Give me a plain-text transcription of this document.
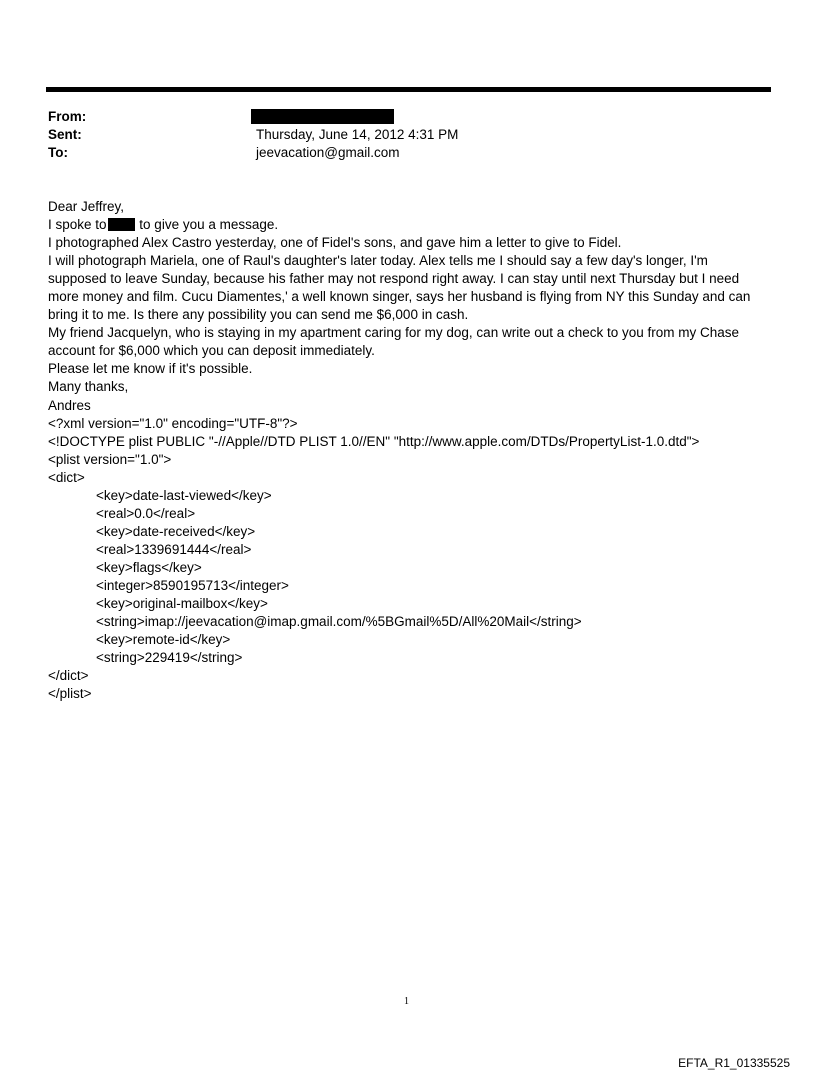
From:
Sent:	Thursday, June 14, 2012 4:31 PM
To:	jeevacation@gmail.com
Dear Jeffrey,
I spoke to to give you a message.
I photographed Alex Castro yesterday, one of Fidel's sons, and gave him a letter to give to Fidel.
I will photograph Mariela, one of Raul's daughter's later today. Alex tells me I should say a few day's longer, I'm
supposed to leave Sunday, because his father may not respond right away. I can stay until next Thursday but I need
more money and film. Cucu Diamentes,' a well known singer, says her husband is flying from NY this Sunday and can
bring it to me. Is there any possibility you can send me $6,000 in cash.
My friend Jacquelyn, who is staying in my apartment caring for my dog, can write out a check to you from my Chase
account for $6,000 which you can deposit immediately.
Please let me know if it's possible.
Many thanks,
Andres
<?xml version="1.0" encoding="UTF-8"?>
<!DOCTYPE plist PUBLIC "-//Apple//DTD PLIST 1.0//EN" "http://www.apple.com/DTDs/PropertyList-1.0.dtd">
<plist version="1.0">
<dict>
<key>date-last-viewed</key>
<real>0.0</real>
<key>date-received</key>
<real>1339691444</real>
<key>flags</key>
<integer>8590195713</integer>
<key>original-mailbox</key>
<string>imap://jeevacation@imap.gmail.com/%5BGmail%5D/All%20Mail</string>
<key>remote-id</key>
<string>229419</string>
</dict>
</plist>
1
EFTA_R1_01335525
